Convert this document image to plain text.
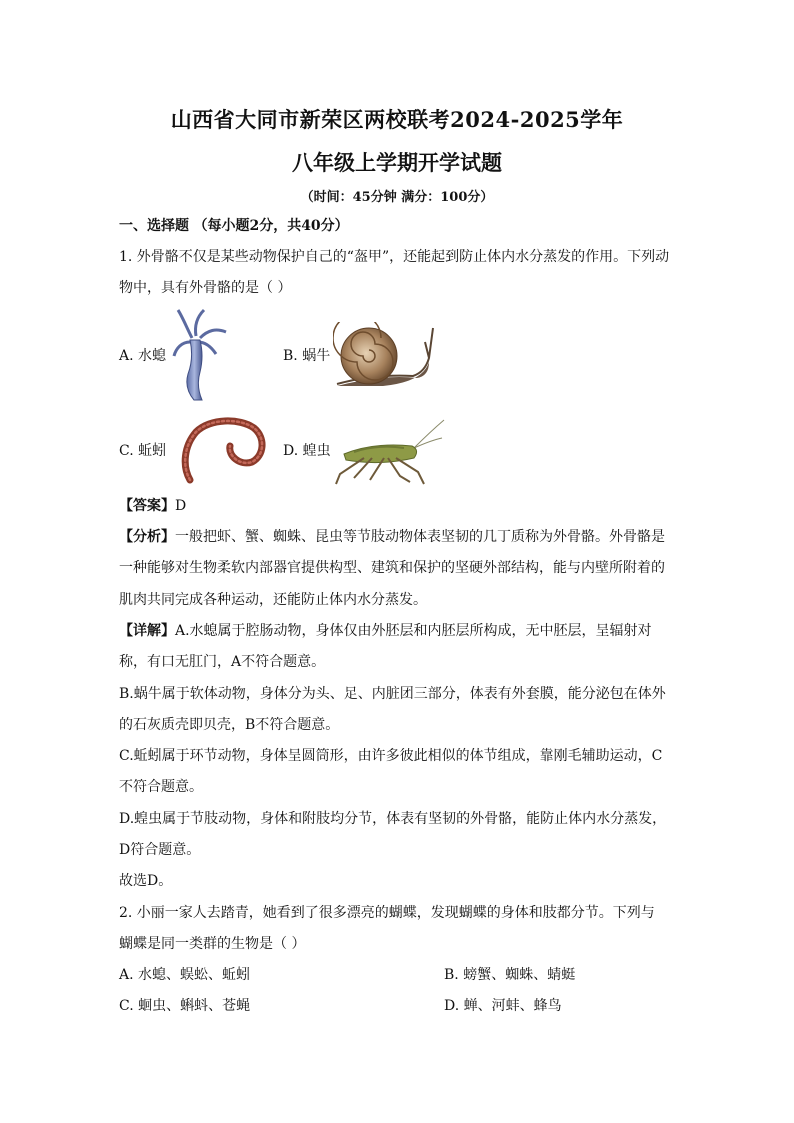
山西省大同市新荣区两校联考2024-2025学年
八年级上学期开学试题
（时间：45分钟 满分：100分）
一、选择题 （每小题2分，共40分）
1. 外骨骼不仅是某些动物保护自己的“盔甲”，还能起到防止体内水分蒸发的作用。下列动
物中，具有外骨骼的是（ ）
A. 水螅	B. 蜗牛
C. 蚯蚓	D. 蝗虫
【答案】D
【分析】一般把虾、蟹、蜘蛛、昆虫等节肢动物体表坚韧的几丁质称为外骨骼。外骨骼是
一种能够对生物柔软内部器官提供构型、建筑和保护的坚硬外部结构，能与内壁所附着的
肌肉共同完成各种运动，还能防止体内水分蒸发。
【详解】A.水螅属于腔肠动物，身体仅由外胚层和内胚层所构成，无中胚层，呈辐射对
称，有口无肛门，A不符合题意。
B.蜗牛属于软体动物，身体分为头、足、内脏团三部分，体表有外套膜，能分泌包在体外
的石灰质壳即贝壳，B不符合题意。
C.蚯蚓属于环节动物，身体呈圆筒形，由许多彼此相似的体节组成，靠刚毛辅助运动，C
不符合题意。
D.蝗虫属于节肢动物，身体和附肢均分节，体表有坚韧的外骨骼，能防止体内水分蒸发，
D符合题意。
故选D。
2. 小丽一家人去踏青，她看到了很多漂亮的蝴蝶，发现蝴蝶的身体和肢都分节。下列与
蝴蝶是同一类群的生物是（ ）
A. 水螅、蜈蚣、蚯蚓	B. 螃蟹、蜘蛛、蜻蜓
C. 蛔虫、蝌蚪、苍蝇	D. 蝉、河蚌、蜂鸟
